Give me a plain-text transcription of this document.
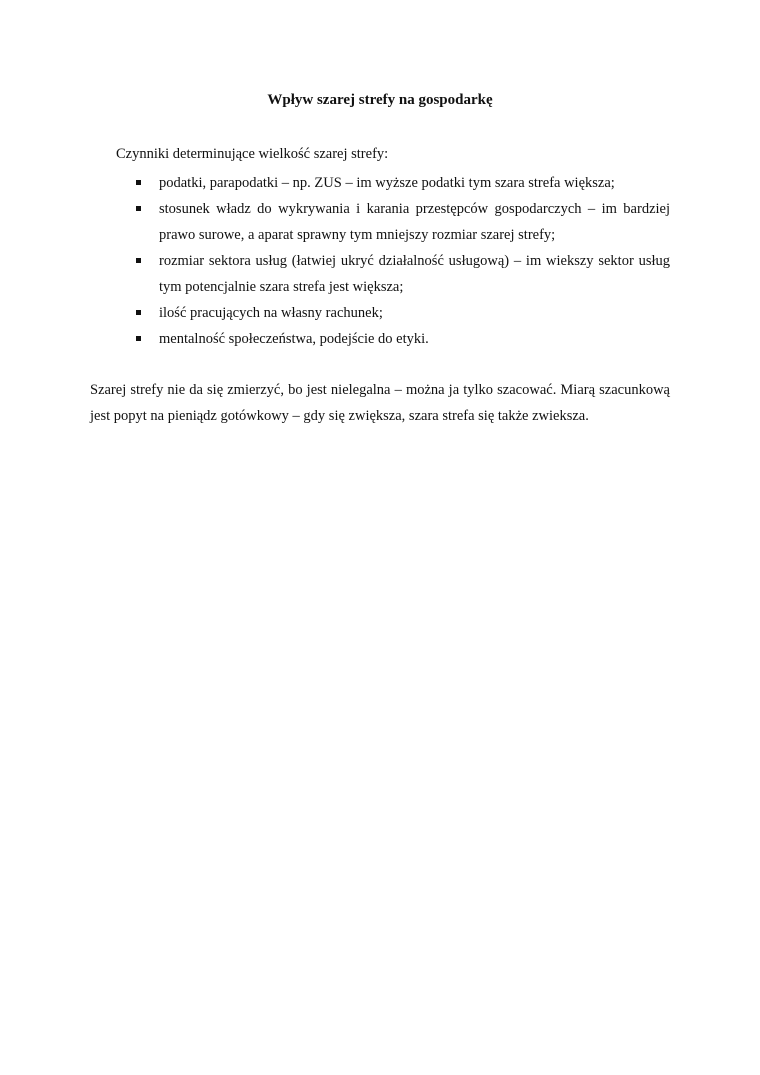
Wpływ szarej strefy na gospodarkę
Czynniki determinujące wielkość szarej strefy:
podatki, parapodatki – np. ZUS – im wyższe podatki tym szara strefa większa;
stosunek władz do wykrywania i karania przestępców gospodarczych – im bardziej prawo surowe, a aparat sprawny tym mniejszy rozmiar szarej strefy;
rozmiar sektora usług (łatwiej ukryć działalność usługową) – im wiekszy sektor usług tym potencjalnie szara strefa jest większa;
ilość pracujących na własny rachunek;
mentalność społeczeństwa, podejście do etyki.

Szarej strefy nie da się zmierzyć, bo jest nielegalna – można ja tylko szacować. Miarą szacunkową jest popyt na pieniądz gotówkowy – gdy się zwiększa, szara strefa się także zwieksza.
